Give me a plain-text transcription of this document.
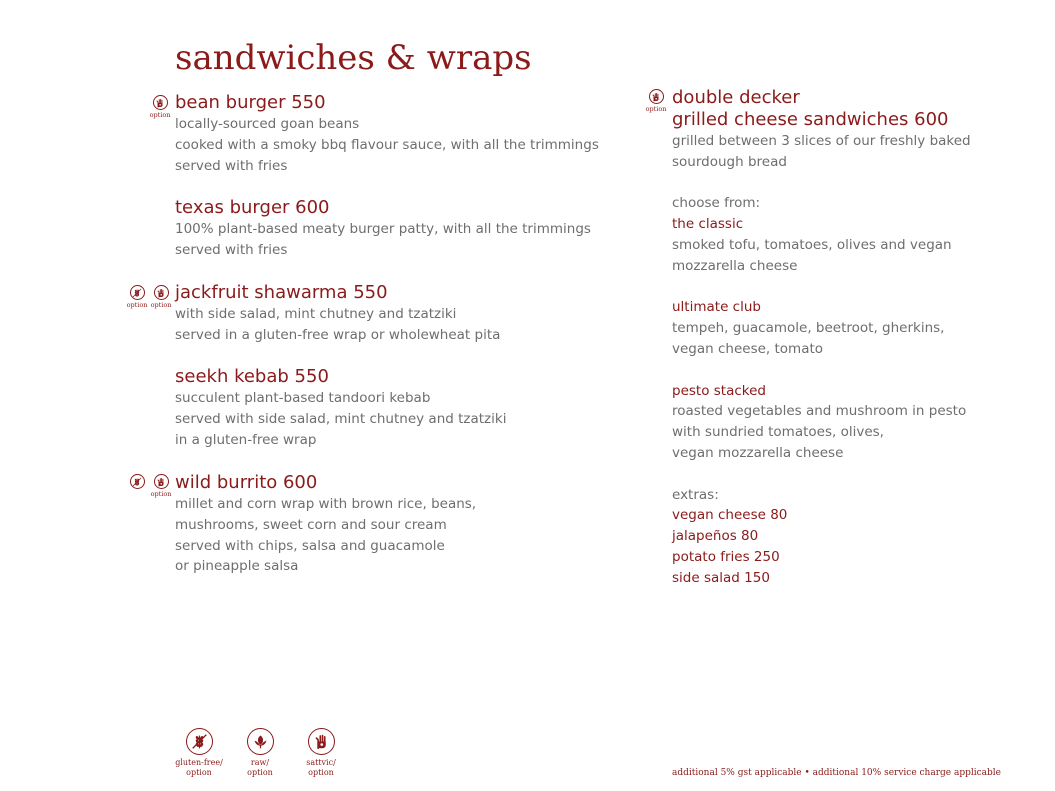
sandwiches & wraps
option
bean burger 550
locally-sourced goan beans
cooked with a smoky bbq flavour sauce, with all the trimmings
served with fries
texas burger 600
100% plant-based meaty burger patty, with all the trimmings
served with fries
option option
jackfruit shawarma 550
with side salad, mint chutney and tzatziki
served in a gluten-free wrap or wholewheat pita
seekh kebab 550
succulent plant-based tandoori kebab
served with side salad, mint chutney and tzatziki
in a gluten-free wrap
option
wild burrito 600
millet and corn wrap with brown rice, beans,
mushrooms, sweet corn and sour cream
served with chips, salsa and guacamole
or pineapple salsa
option
double decker
grilled cheese sandwiches 600
grilled between 3 slices of our freshly baked
sourdough bread
choose from:
the classic
smoked tofu, tomatoes, olives and vegan
mozzarella cheese
ultimate club
tempeh, guacamole, beetroot, gherkins,
vegan cheese, tomato
pesto stacked
roasted vegetables and mushroom in pesto
with sundried tomatoes, olives,
vegan mozzarella cheese
extras:
vegan cheese 80
jalapeños 80
potato fries 250
side salad 150
gluten-free/
option
raw/
option
sattvic/
option	additional 5% gst applicable • additional 10% service charge applicable
